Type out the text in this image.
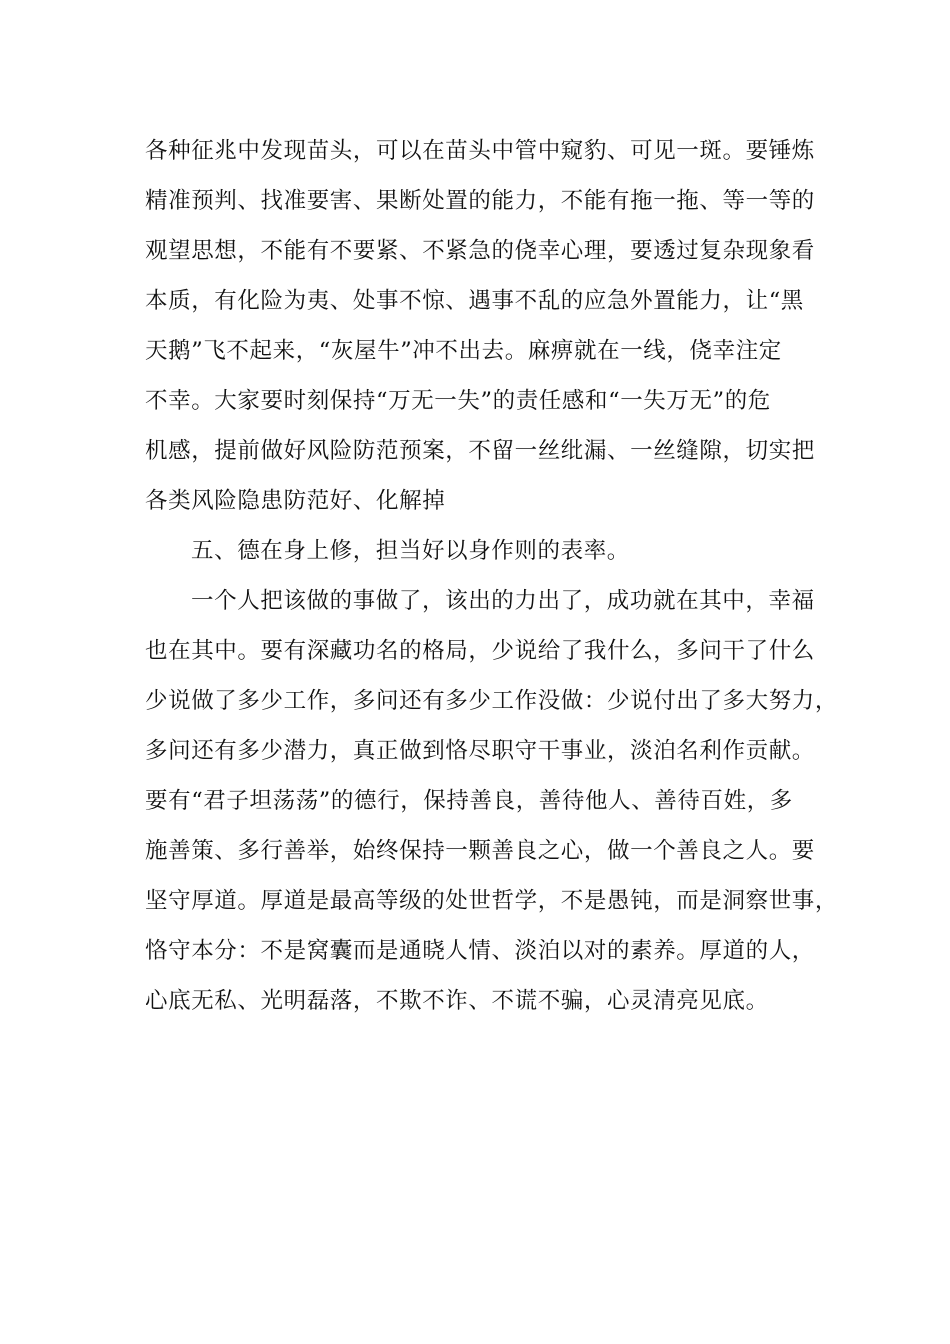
各种征兆中发现苗头，可以在苗头中管中窥豹、可见一斑。要锤炼
精准预判、找准要害、果断处置的能力，不能有拖一拖、等一等的
观望思想，不能有不要紧、不紧急的侥幸心理，要透过复杂现象看
本质，有化险为夷、处事不惊、遇事不乱的应急外置能力，让“黑
天鹅”飞不起来，“灰屋牛”冲不出去。麻痹就在一线，侥幸注定
不幸。大家要时刻保持“万无一失”的责任感和“一失万无”的危
机感，提前做好风险防范预案，不留一丝纰漏、一丝缝隙，切实把
各类风险隐患防范好、化解掉
五、德在身上修，担当好以身作则的表率。
一个人把该做的事做了，该出的力出了，成功就在其中，幸福
也在其中。要有深藏功名的格局，少说给了我什么，多问干了什么
少说做了多少工作，多问还有多少工作没做：少说付出了多大努力，
多问还有多少潜力，真正做到恪尽职守干事业，淡泊名利作贡献。
要有“君子坦荡荡”的德行，保持善良，善待他人、善待百姓，多
施善策、多行善举，始终保持一颗善良之心，做一个善良之人。要
坚守厚道。厚道是最高等级的处世哲学，不是愚钝，而是洞察世事，
恪守本分：不是窝囊而是通晓人情、淡泊以对的素养。厚道的人，
心底无私、光明磊落，不欺不诈、不谎不骗，心灵清亮见底。
